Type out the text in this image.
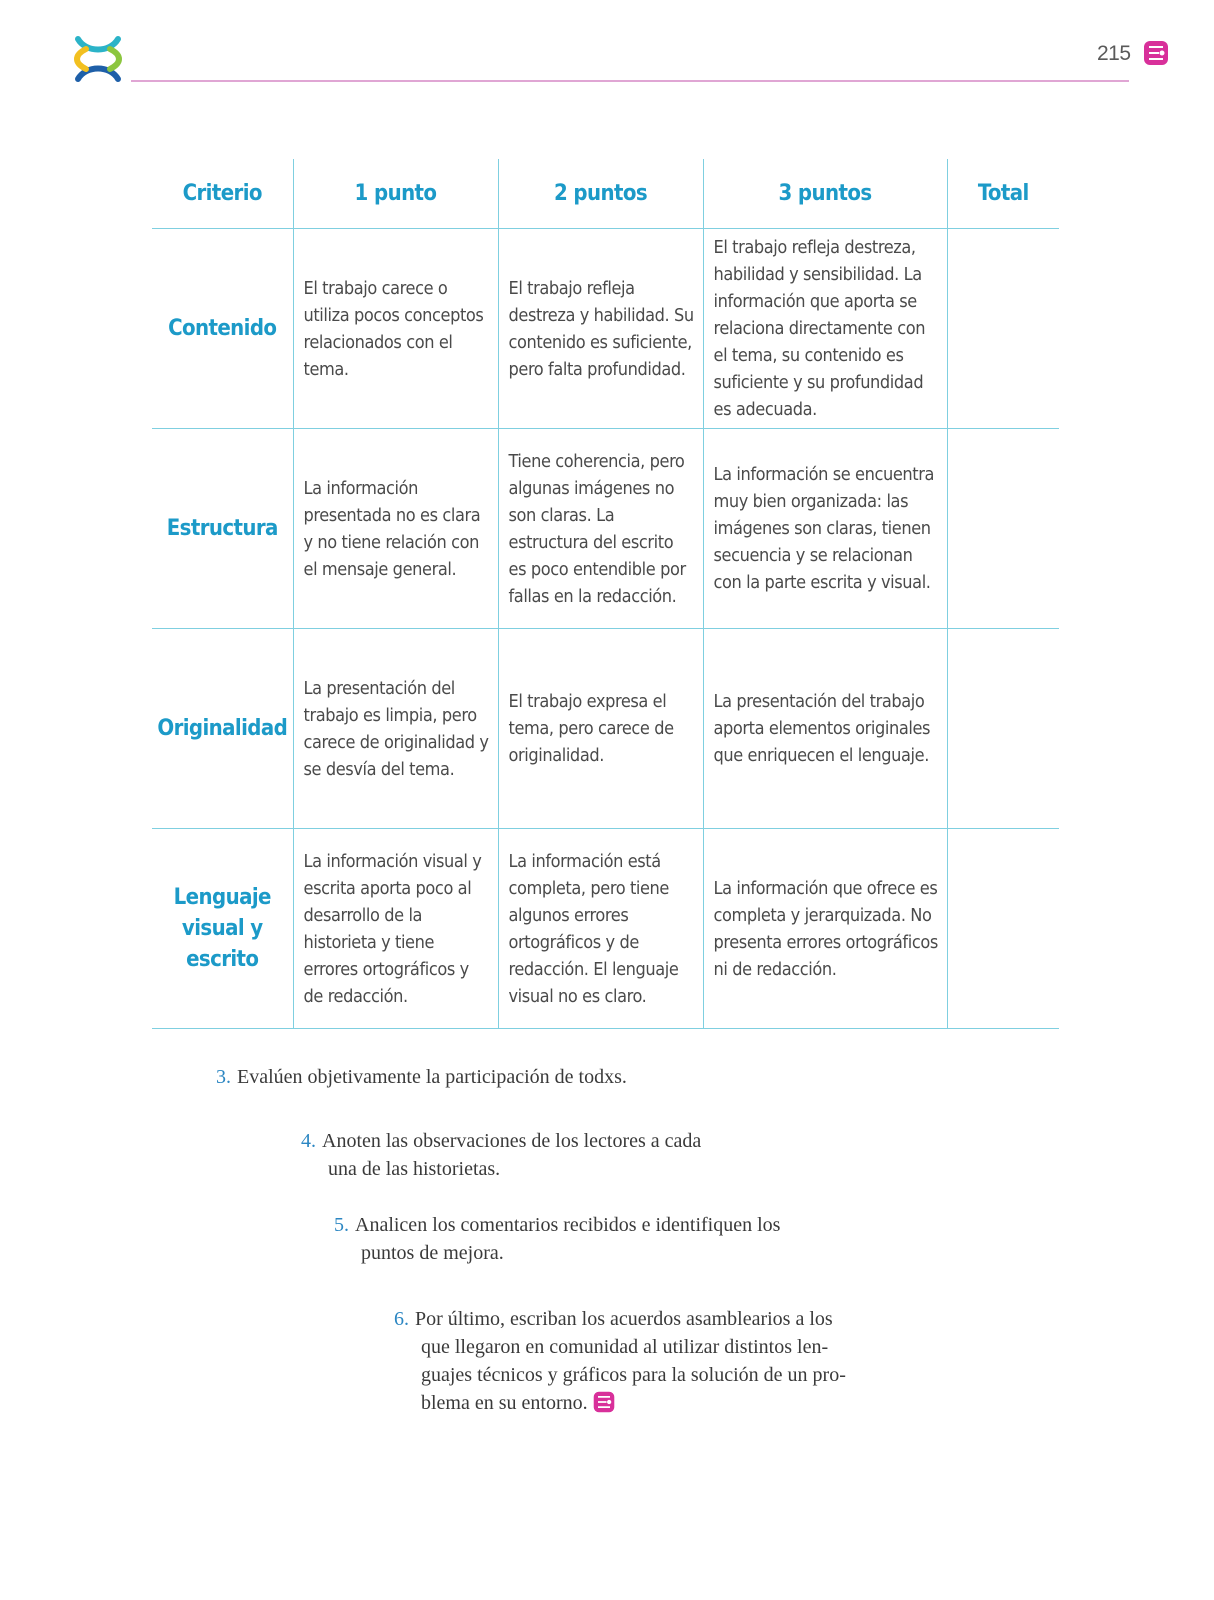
215
Criterio	1 punto	2 puntos	3 puntos	Total
Contenido	El trabajo carece o utiliza pocos conceptos relacionados con el tema.	El trabajo refleja destreza y habilidad. Su contenido es suficiente, pero falta profundidad.	El trabajo refleja destreza, habilidad y sensibilidad. La información que aporta se relaciona directamente con el tema, su contenido es suficiente y su profundidad es adecuada.	
Estructura	La información presentada no es clara y no tiene relación con el mensaje general.	Tiene coherencia, pero algunas imágenes no son claras. La estructura del escrito es poco entendible por fallas en la redacción.	La información se encuentra muy bien organizada: las imágenes son claras, tienen secuencia y se relacionan con la parte escrita y visual.	
Originalidad	La presentación del trabajo es limpia, pero carece de originalidad y se desvía del tema.	El trabajo expresa el tema, pero carece de originalidad.	La presentación del trabajo aporta elementos originales que enriquecen el lenguaje.	
Lenguaje visual y escrito	La información visual y escrita aporta poco al desarrollo de la historieta y tiene errores ortográficos y de redacción.	La información está completa, pero tiene algunos errores ortográficos y de redacción. El lenguaje visual no es claro.	La información que ofrece es completa y jerarquizada. No presenta errores ortográficos ni de redacción.	
3. Evalúen objetivamente la participación de todxs.
4. Anoten las observaciones de los lectores a cada
una de las historietas.
5. Analicen los comentarios recibidos e identifiquen los
puntos de mejora.
6. Por último, escriban los acuerdos asamblearios a los
que llegaron en comunidad al utilizar distintos len-
guajes técnicos y gráficos para la solución de un pro-
blema en su entorno.
